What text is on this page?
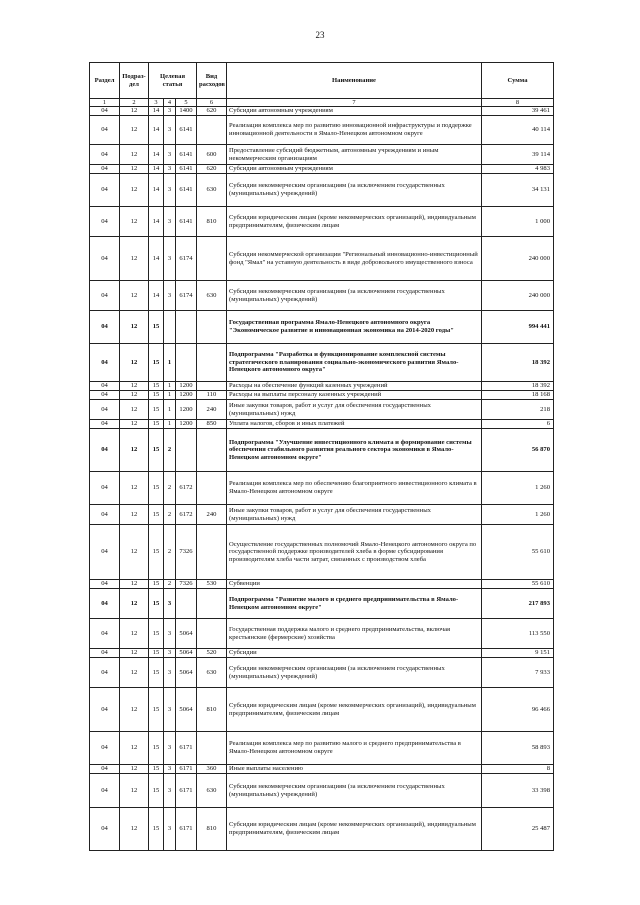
23
Раздел	Подраз-дел	Целевая статья			Вид расходов	Наименование	Сумма
1	2	3	4	5	6	7	8
04	12	14	3	1400	620	Субсидии автономным учреждениям	39 461
04	12	14	3	6141		Реализация комплекса мер по развитию инновационной инфраструктуры и поддержке инновационной деятельности в Ямало-Ненецком автономном округе	40 114
04	12	14	3	6141	600	Предоставление субсидий бюджетным, автономным учреждениям и иным некоммерческим организациям	39 114
04	12	14	3	6141	620	Субсидии автономным учреждениям	4 983
04	12	14	3	6141	630	Субсидии некоммерческим организациям (за исключением государственных (муниципальных) учреждений)	34 131
04	12	14	3	6141	810	Субсидии юридическим лицам (кроме некоммерческих организаций), индивидуальным предпринимателям, физическим лицам	1 000
04	12	14	3	6174		Субсидия некоммерческой организации "Региональный инновационно-инвестиционный фонд "Ямал" на уставную деятельность в виде добровольного имущественного взноса	240 000
04	12	14	3	6174	630	Субсидии некоммерческим организациям (за исключением государственных (муниципальных) учреждений)	240 000
04	12	15				Государственная программа Ямало-Ненецкого автономного округа "Экономическое развитие и инновационная экономика на 2014-2020 годы"	994 441
04	12	15	1			Подпрограмма "Разработка и функционирование комплексной системы стратегического планирования социально-экономического развития Ямало-Ненецкого автономного округа"	18 392
04	12	15	1	1200		Расходы на обеспечение функций казенных учреждений	18 392
04	12	15	1	1200	110	Расходы на выплаты персоналу казенных учреждений	18 168
04	12	15	1	1200	240	Иные закупки товаров, работ и услуг для обеспечения государственных (муниципальных) нужд	218
04	12	15	1	1200	850	Уплата налогов, сборов и иных платежей	6
04	12	15	2			Подпрограмма "Улучшение инвестиционного климата и формирование системы обеспечения стабильного развития реального сектора экономики в Ямало-Ненецком автономном округе"	56 870
04	12	15	2	6172		Реализация комплекса мер по обеспечению благоприятного инвестиционного климата в Ямало-Ненецком автономном округе	1 260
04	12	15	2	6172	240	Иные закупки товаров, работ и услуг для обеспечения государственных (муниципальных) нужд	1 260
04	12	15	2	7326		Осуществление государственных полномочий Ямало-Ненецкого автономного округа по государственной поддержке производителей хлеба в форме субсидирования производителям хлеба части затрат, связанных с производством хлеба	55 610
04	12	15	2	7326	530	Субвенции	55 610
04	12	15	3			Подпрограмма "Развитие малого и среднего предпринимательства в Ямало-Ненецком автономном округе"	217 893
04	12	15	3	5064		Государственная поддержка малого и среднего предпринимательства, включая крестьянские (фермерские) хозяйства	113 550
04	12	15	3	5064	520	Субсидии	9 151
04	12	15	3	5064	630	Субсидии некоммерческим организациям (за исключением государственных (муниципальных) учреждений)	7 933
04	12	15	3	5064	810	Субсидии юридическим лицам (кроме некоммерческих организаций), индивидуальным предпринимателям, физическим лицам	96 466
04	12	15	3	6171		Реализация комплекса мер по развитию малого и среднего предпринимательства в Ямало-Ненецком автономном округе	58 893
04	12	15	3	6171	360	Иные выплаты населению	8
04	12	15	3	6171	630	Субсидии некоммерческим организациям (за исключением государственных (муниципальных) учреждений)	33 398
04	12	15	3	6171	810	Субсидии юридическим лицам (кроме некоммерческих организаций), индивидуальным предпринимателям, физическим лицам	25 487
